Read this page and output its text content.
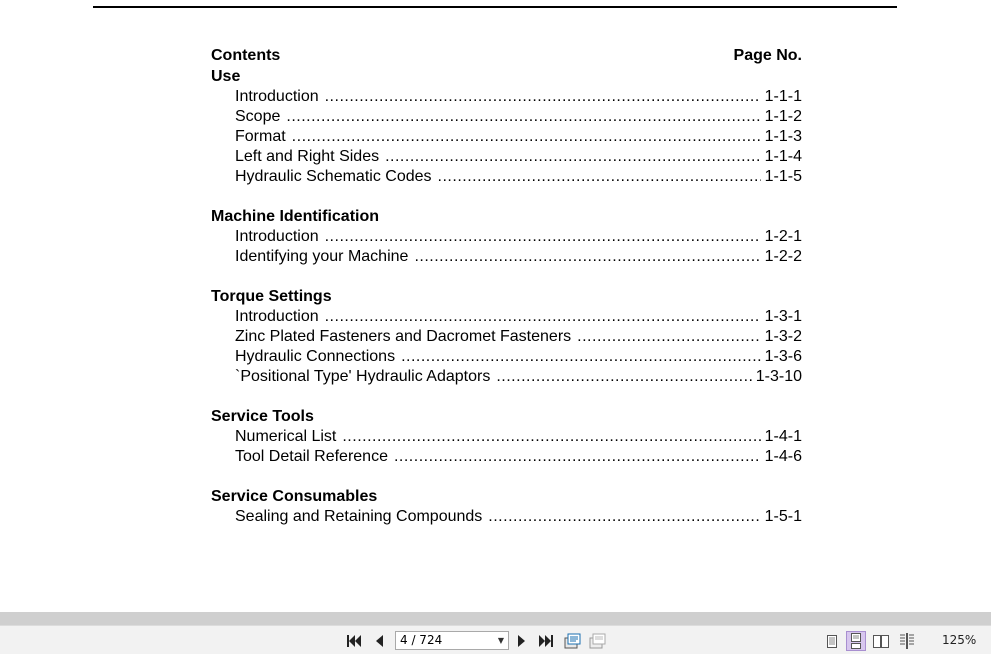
Contents	Page No.
Use
Introduction .....	1-1-1
Scope .....	1-1-2
Format .....	1-1-3
Left and Right Sides .....	1-1-4
Hydraulic Schematic Codes .....	1-1-5
Machine Identification
Introduction .....	1-2-1
Identifying your Machine .....	1-2-2
Torque Settings
Introduction .....	1-3-1
Zinc Plated Fasteners and Dacromet Fasteners .....	1-3-2
Hydraulic Connections .....	1-3-6
`Positional Type' Hydraulic Adaptors .....	1-3-10
Service Tools
Numerical List .....	1-4-1
Tool Detail Reference .....	1-4-6
Service Consumables
Sealing and Retaining Compounds .....	1-5-1
4 / 724	▼	125%
